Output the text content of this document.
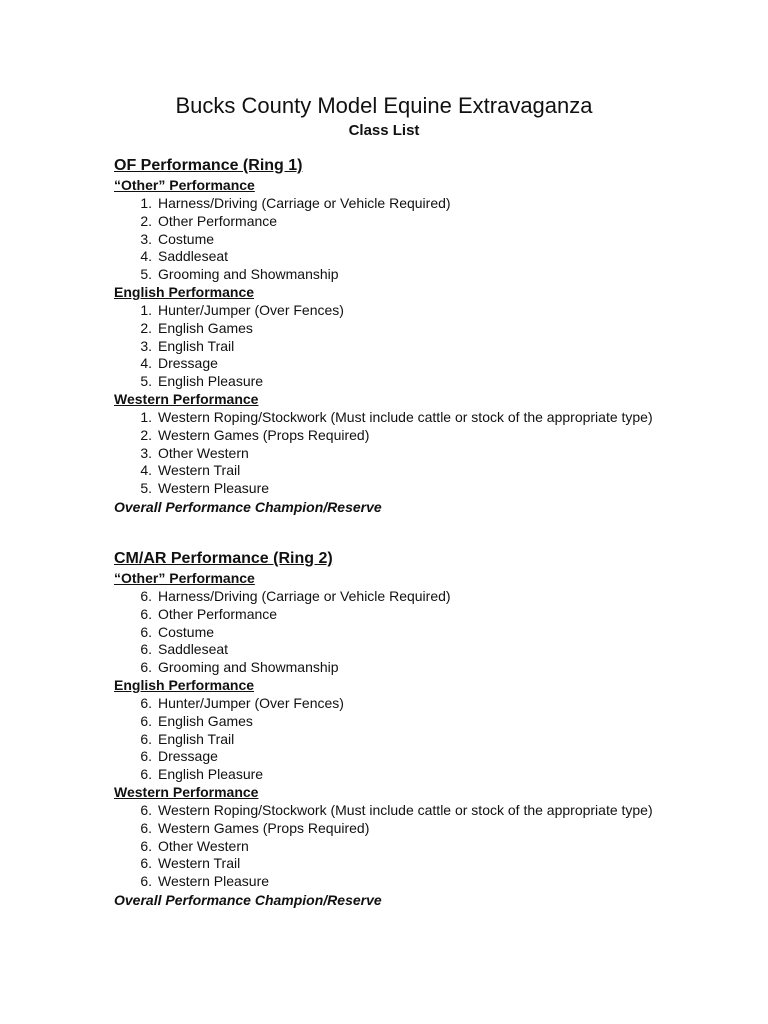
Bucks County Model Equine Extravaganza
Class List
OF Performance (Ring 1)
“Other” Performance
1. Harness/Driving (Carriage or Vehicle Required)
2. Other Performance
3. Costume
4. Saddleseat
5. Grooming and Showmanship
English Performance
1. Hunter/Jumper (Over Fences)
2. English Games
3. English Trail
4. Dressage
5. English Pleasure
Western Performance
1. Western Roping/Stockwork (Must include cattle or stock of the appropriate type)
2. Western Games (Props Required)
3. Other Western
4. Western Trail
5. Western Pleasure
Overall Performance Champion/Reserve
CM/AR Performance (Ring 2)
“Other” Performance
6. Harness/Driving (Carriage or Vehicle Required)
6. Other Performance
6. Costume
6. Saddleseat
6. Grooming and Showmanship
English Performance
6. Hunter/Jumper (Over Fences)
6. English Games
6. English Trail
6. Dressage
6. English Pleasure
Western Performance
6. Western Roping/Stockwork (Must include cattle or stock of the appropriate type)
6. Western Games (Props Required)
6. Other Western
6. Western Trail
6. Western Pleasure
Overall Performance Champion/Reserve
